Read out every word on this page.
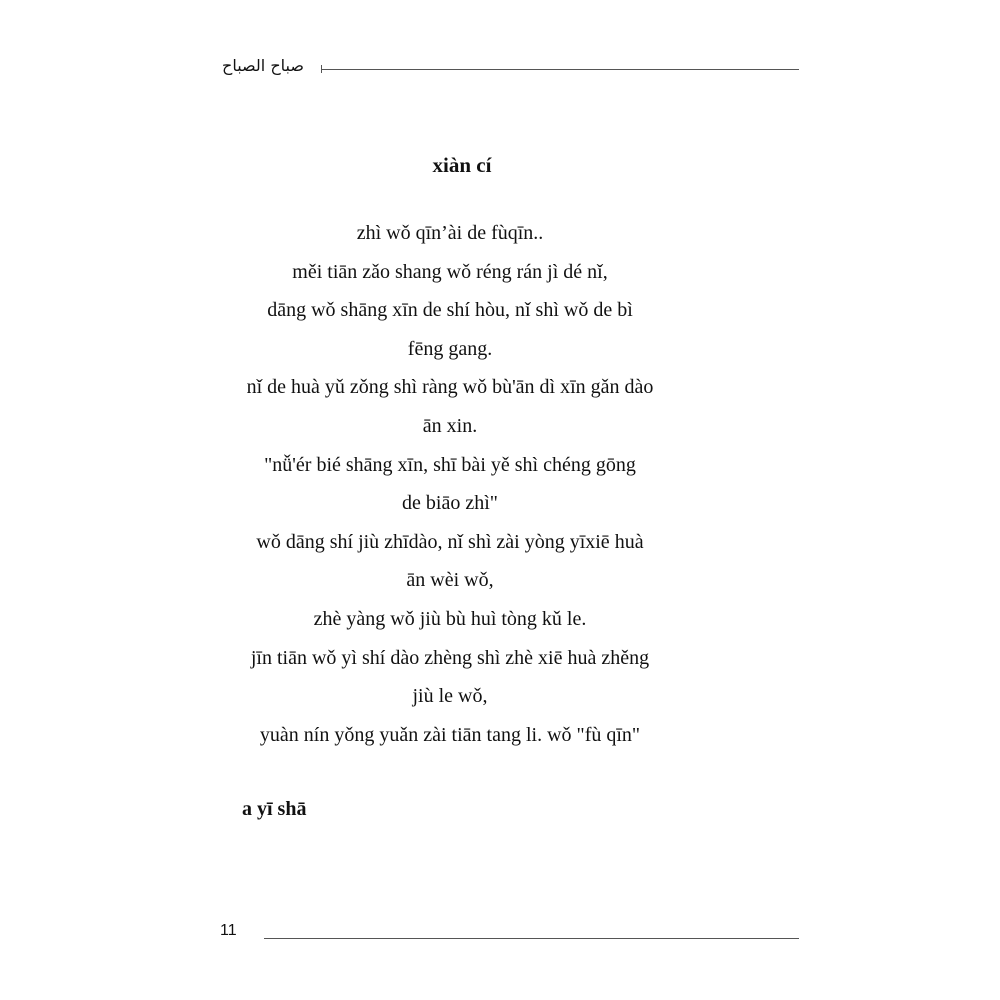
صباح الصباح
xiàn cí
zhì wǒ qīn’ài de fùqīn..
měi tiān zǎo shang wǒ réng rán jì dé nǐ,
dāng wǒ shāng xīn de shí hòu, nǐ shì wǒ de bì
fēng gang.
nǐ de huà yǔ zǒng shì ràng wǒ bù'ān dì xīn gǎn dào
ān xin.
"nǚ'ér bié shāng xīn, shī bài yě shì chéng gōng
de biāo zhì"
wǒ dāng shí jiù zhīdào, nǐ shì zài yòng yīxiē huà
ān wèi wǒ,
zhè yàng wǒ jiù bù huì tòng kǔ le.
jīn tiān wǒ yì shí dào zhèng shì zhè xiē huà zhěng
jiù le wǒ,
yuàn nín yǒng yuǎn zài tiān tang li. wǒ "fù qīn"
a yī shā
11
